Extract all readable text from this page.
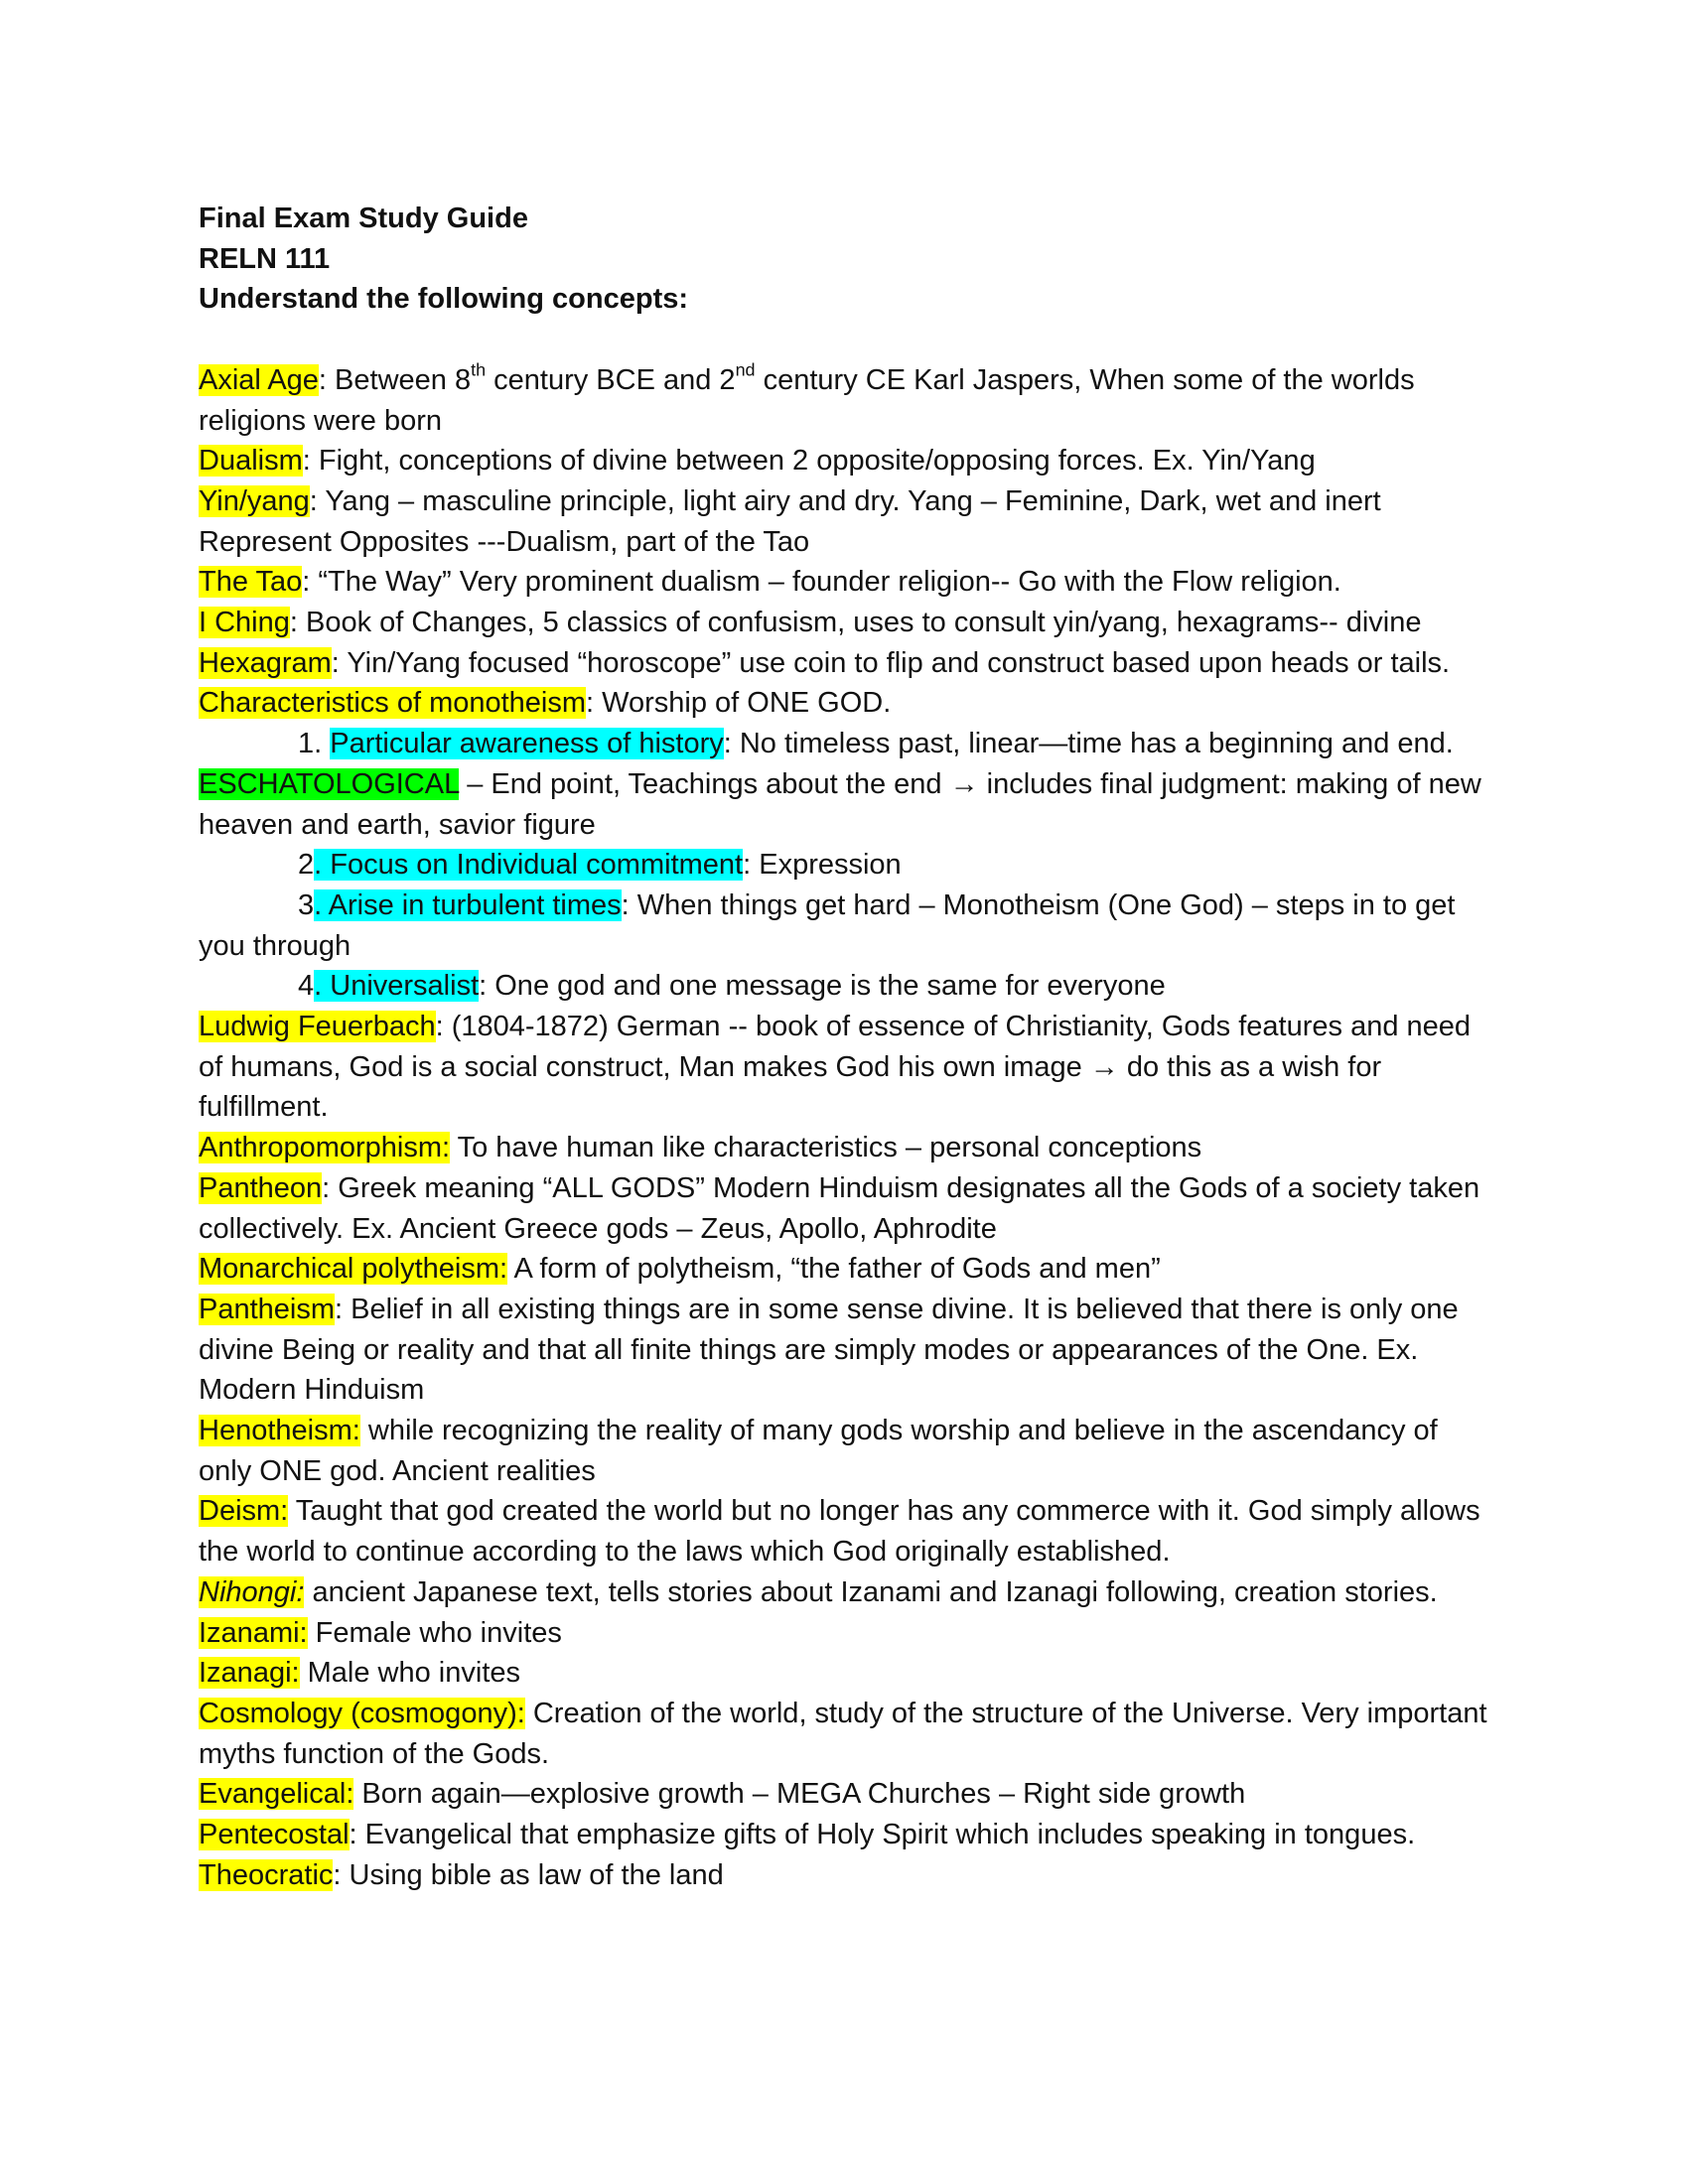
Final Exam Study Guide
RELN 111
Understand the following concepts:

Axial Age: Between 8th century BCE and 2nd century CE Karl Jaspers, When some of the worlds religions were born

Dualism: Fight, conceptions of divine between 2 opposite/opposing forces. Ex. Yin/Yang

Yin/yang: Yang – masculine principle, light airy and dry. Yang – Feminine, Dark, wet and inert Represent Opposites ---Dualism, part of the Tao

The Tao: “The Way” Very prominent dualism – founder religion-- Go with the Flow religion.

I Ching: Book of Changes, 5 classics of confusism, uses to consult yin/yang, hexagrams-- divine

Hexagram: Yin/Yang focused “horoscope” use coin to flip and construct based upon heads or tails.

Characteristics of monotheism: Worship of ONE GOD.

1. Particular awareness of history: No timeless past, linear—time has a beginning and end. ESCHATOLOGICAL – End point, Teachings about the end → includes final judgment: making of new heaven and earth, savior figure

2. Focus on Individual commitment: Expression

3. Arise in turbulent times: When things get hard – Monotheism (One God) – steps in to get you through

4. Universalist: One god and one message is the same for everyone

Ludwig Feuerbach: (1804-1872) German -- book of essence of Christianity, Gods features and need of humans, God is a social construct, Man makes God his own image → do this as a wish for fulfillment.

Anthropomorphism: To have human like characteristics – personal conceptions

Pantheon: Greek meaning “ALL GODS” Modern Hinduism designates all the Gods of a society taken collectively. Ex. Ancient Greece gods – Zeus, Apollo, Aphrodite

Monarchical polytheism: A form of polytheism, “the father of Gods and men”

Pantheism: Belief in all existing things are in some sense divine. It is believed that there is only one divine Being or reality and that all finite things are simply modes or appearances of the One. Ex. Modern Hinduism

Henotheism: while recognizing the reality of many gods worship and believe in the ascendancy of only ONE god. Ancient realities

Deism: Taught that god created the world but no longer has any commerce with it. God simply allows the world to continue according to the laws which God originally established.

Nihongi: ancient Japanese text, tells stories about Izanami and Izanagi following, creation stories.

Izanami: Female who invites

Izanagi: Male who invites

Cosmology (cosmogony): Creation of the world, study of the structure of the Universe. Very important myths function of the Gods.

Evangelical: Born again—explosive growth – MEGA Churches – Right side growth

Pentecostal: Evangelical that emphasize gifts of Holy Spirit which includes speaking in tongues.

Theocratic: Using bible as law of the land
